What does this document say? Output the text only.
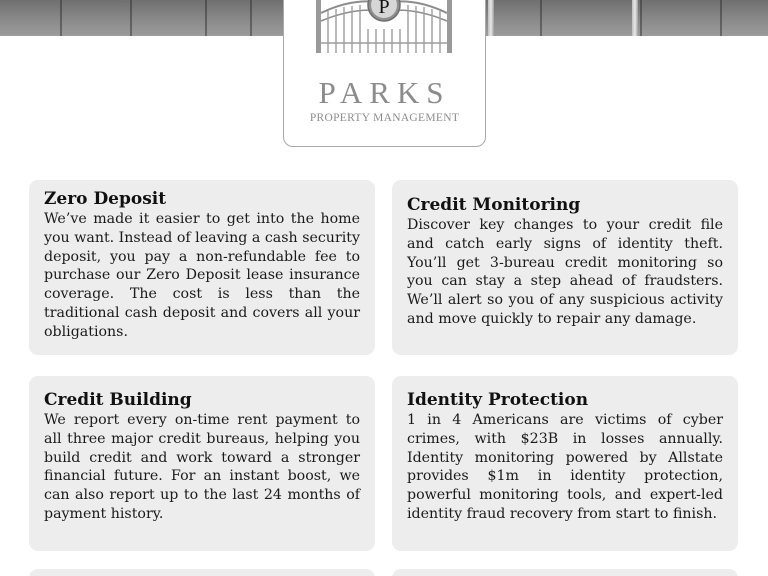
P
PARKS
PROPERTY MANAGEMENT
Zero Deposit

We’ve made it easier to get into the home you want. Instead of leaving a cash security deposit, you pay a non-refundable fee to purchase our Zero Deposit lease insurance coverage. The cost is less than the traditional cash deposit and covers all your obligations.

Credit Monitoring

Discover key changes to your credit file and catch early signs of identity theft. You’ll get 3-bureau credit monitoring so you can stay a step ahead of fraudsters. We’ll alert so you of any suspicious activity and move quickly to repair any damage.

Credit Building

We report every on-time rent payment to all three major credit bureaus, helping you build credit and work toward a stronger financial future. For an instant boost, we can also report up to the last 24 months of payment history.

Identity Protection

1 in 4 Americans are victims of cyber crimes, with $23B in losses annually. Identity monitoring powered by Allstate provides $1m in identity protection, powerful monitoring tools, and expert-led identity fraud recovery from start to finish.
